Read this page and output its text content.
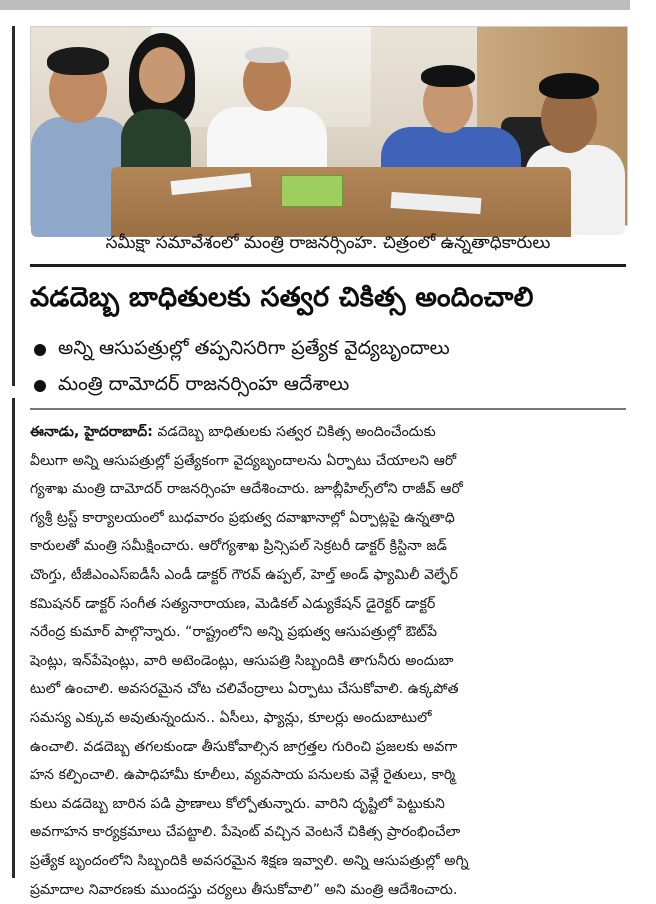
సమీక్షా సమావేశంలో మంత్రి రాజనర్సింహ. చిత్రంలో ఉన్నతాధికారులు
వడదెబ్బ బాధితులకు సత్వర చికిత్స అందించాలి
అన్ని ఆసుపత్రుల్లో తప్పనిసరిగా ప్రత్యేక వైద్యబృందాలు
మంత్రి దామోదర్ రాజనర్సింహ ఆదేశాలు
ఈనాడు, హైదరాబాద్: వడదెబ్బ బాధితులకు సత్వర చికిత్స అందించేందుకు
వీలుగా అన్ని ఆసుపత్రుల్లో ప్రత్యేకంగా వైద్యబృందాలను ఏర్పాటు చేయాలని ఆరో
గ్యశాఖ మంత్రి దామోదర్ రాజనర్సింహ ఆదేశించారు. జూబ్లీహిల్స్‌లోని రాజీవ్ ఆరో
గ్యశ్రీ ట్రస్ట్ కార్యాలయంలో బుధవారం ప్రభుత్వ దవాఖానాల్లో ఏర్పాట్లపై ఉన్నతాధి
కారులతో మంత్రి సమీక్షించారు. ఆరోగ్యశాఖ ప్రిన్సిపల్ సెక్రటరీ డాక్టర్ క్రిస్టినా జడ్
చొంగ్తు, టీజీఎంఎస్ఐడీసీ ఎండీ డాక్టర్ గౌరవ్ ఉప్పల్, హెల్త్ అండ్ ఫ్యామిలీ వెల్ఫేర్
కమిషనర్ డాక్టర్ సంగీత సత్యనారాయణ, మెడికల్ ఎడ్యుకేషన్ డైరెక్టర్ డాక్టర్
నరేంద్ర కుమార్ పాల్గొన్నారు. “రాష్ట్రంలోని అన్ని ప్రభుత్వ ఆసుపత్రుల్లో ఔట్‌పే
షెంట్లు, ఇన్‌పేషెంట్లు, వారి అటెండెంట్లు, ఆసుపత్రి సిబ్బందికి తాగునీరు అందుబా
టులో ఉంచాలి. అవసరమైన చోట చలివేంద్రాలు ఏర్పాటు చేసుకోవాలి. ఉక్కపోత
సమస్య ఎక్కువ అవుతున్నందున.. ఏసీలు, ఫ్యాన్లు, కూలర్లు అందుబాటులో
ఉంచాలి. వడదెబ్బ తగలకుండా తీసుకోవాల్సిన జాగ్రత్తల గురించి ప్రజలకు అవగా
హన కల్పించాలి. ఉపాధిహామీ కూలీలు, వ్యవసాయ పనులకు వెళ్లే రైతులు, కార్మి
కులు వడదెబ్బ బారిన పడి ప్రాణాలు కోల్పోతున్నారు. వారిని దృష్టిలో పెట్టుకుని
అవగాహన కార్యక్రమాలు చేపట్టాలి. పేషెంట్ వచ్చిన వెంటనే చికిత్స ప్రారంభించేలా
ప్రత్యేక బృందంలోని సిబ్బందికి అవసరమైన శిక్షణ ఇవ్వాలి. అన్ని ఆసుపత్రుల్లో అగ్ని
ప్రమాదాల నివారణకు ముందస్తు చర్యలు తీసుకోవాలి” అని మంత్రి ఆదేశించారు.
